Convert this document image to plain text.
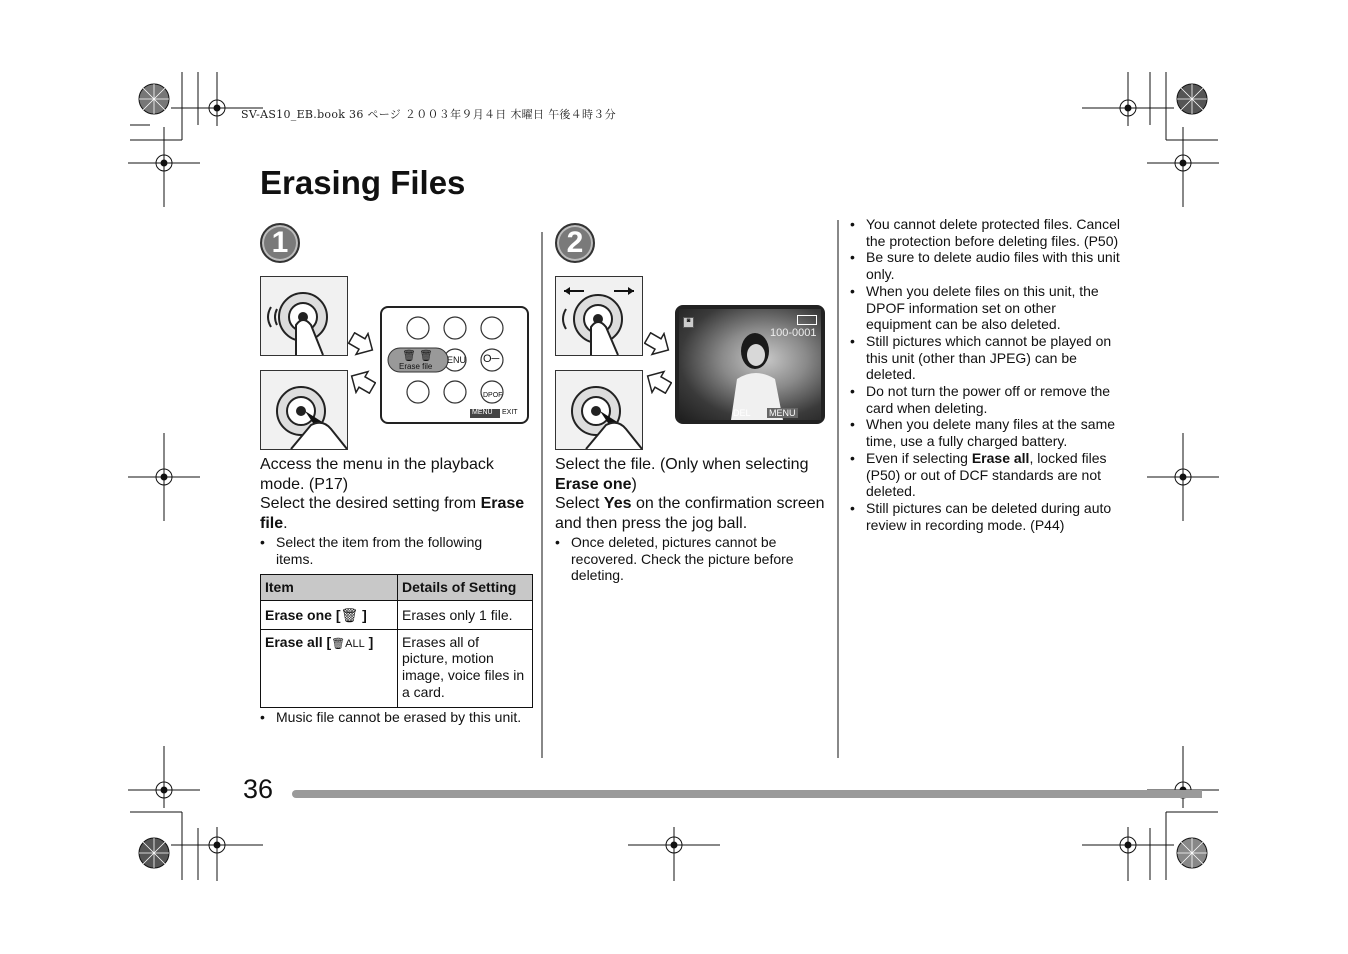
SV-AS10_EB.book 36 ページ ２００３年９月４日 木曜日 午後４時３分
Erasing Files
1
🗑 🗑
Erase file
ENU O─
DPOF
MENU EXIT
Access the menu in the playback mode. (P17)
Select the desired setting from Erase file.
• Select the item from the following items.
Item	Details of Setting
Erase one [🗑 ]	Erases only 1 file.
Erase all [🗑ALL ]	Erases all of picture, motion image, voice files in a card.
• Music file cannot be erased by this unit.
2
◙
100-0001
DEL MENU
Select the file. (Only when selecting Erase one)
Select Yes on the confirmation screen and then press the jog ball.
• Once deleted, pictures cannot be recovered. Check the picture before deleting.
• You cannot delete protected files. Cancel the protection before deleting files. (P50)
• Be sure to delete audio files with this unit only.
• When you delete files on this unit, the DPOF information set on other equipment can be also deleted.
• Still pictures which cannot be played on this unit (other than JPEG) can be deleted.
• Do not turn the power off or remove the card when deleting.
• When you delete many files at the same time, use a fully charged battery.
• Even if selecting Erase all, locked files (P50) or out of DCF standards are not deleted.
• Still pictures can be deleted during auto review in recording mode. (P44)
36
